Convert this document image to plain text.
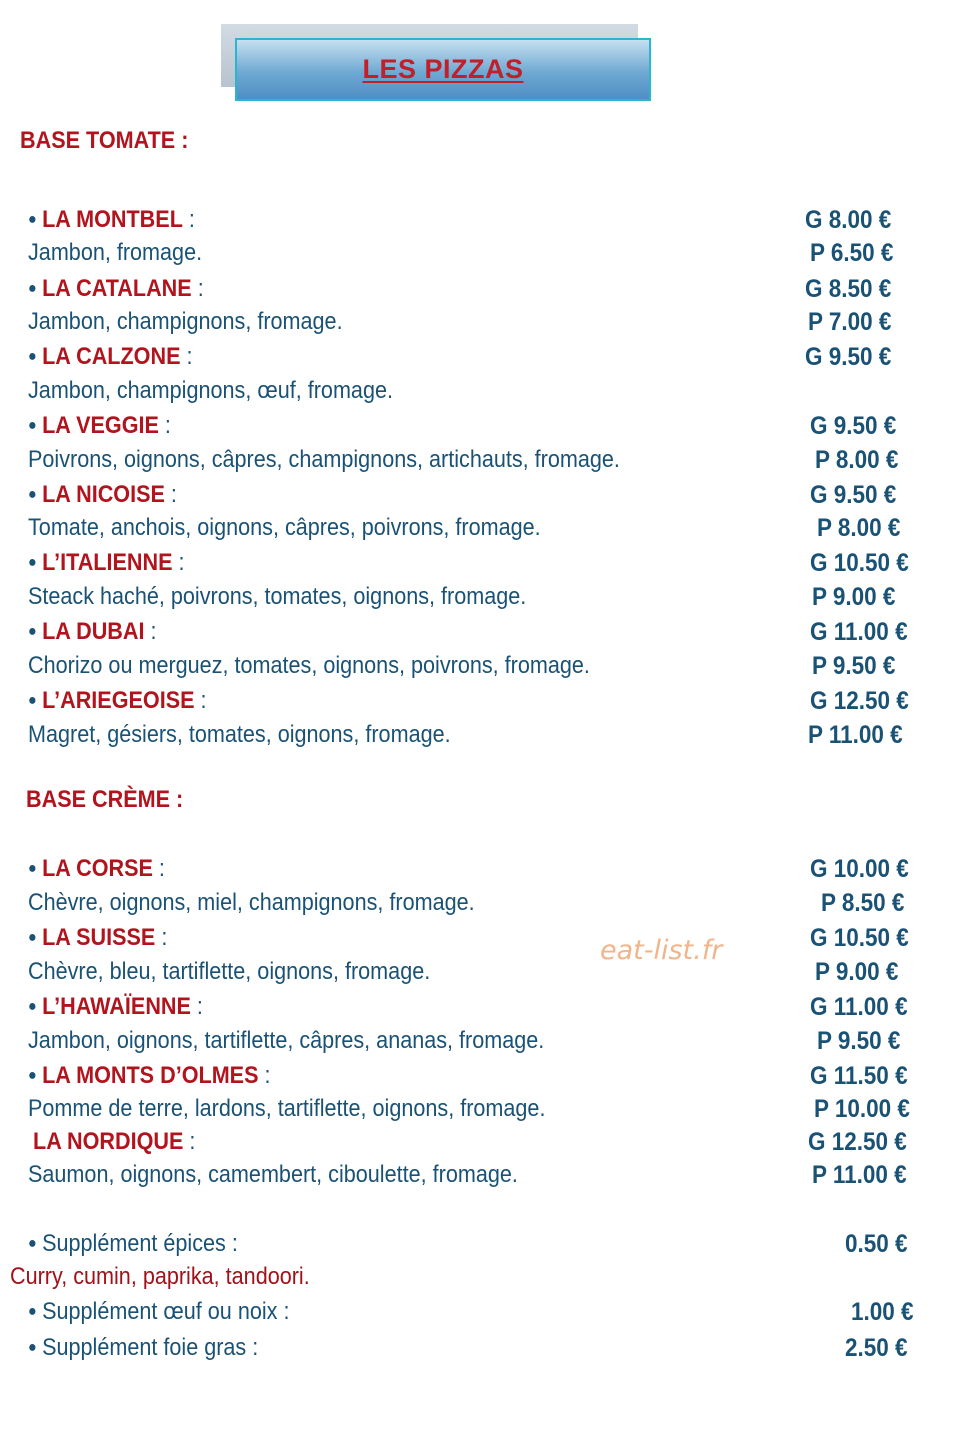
LES PIZZAS
BASE TOMATE :
● LA MONTBEL :
Jambon, fromage.
G 8.00 €
P 6.50 €
● LA CATALANE :
Jambon, champignons, fromage.
G 8.50 €
P 7.00 €
● LA CALZONE :
Jambon, champignons, œuf, fromage.
G 9.50 €
● LA VEGGIE :
Poivrons, oignons, câpres, champignons, artichauts, fromage.
G 9.50 €
P 8.00 €
● LA NICOISE :
Tomate, anchois, oignons, câpres, poivrons, fromage.
G 9.50 €
P 8.00 €
● L’ITALIENNE :
Steack haché, poivrons, tomates, oignons, fromage.
G 10.50 €
P 9.00 €
● LA DUBAI :
Chorizo ou merguez, tomates, oignons, poivrons, fromage.
G 11.00 €
P 9.50 €
● L’ARIEGEOISE :
Magret, gésiers, tomates, oignons, fromage.
G 12.50 €
P 11.00 €
BASE CRÈME :
● LA CORSE :
Chèvre, oignons, miel, champignons, fromage.
G 10.00 €
P 8.50 €
● LA SUISSE :
Chèvre, bleu, tartiflette, oignons, fromage.
G 10.50 €
P 9.00 €
● L’HAWAÏENNE :
Jambon, oignons, tartiflette, câpres, ananas, fromage.
G 11.00 €
P 9.50 €
● LA MONTS D’OLMES :
Pomme de terre, lardons, tartiflette, oignons, fromage.
G 11.50 €
P 10.00 €
LA NORDIQUE :
Saumon, oignons, camembert, ciboulette, fromage.
G 12.50 €
P 11.00 €
● Supplément épices :	0.50 €
Curry, cumin, paprika, tandoori.
● Supplément œuf ou noix :	1.00 €
● Supplément foie gras :	2.50 €
eat-list.fr
